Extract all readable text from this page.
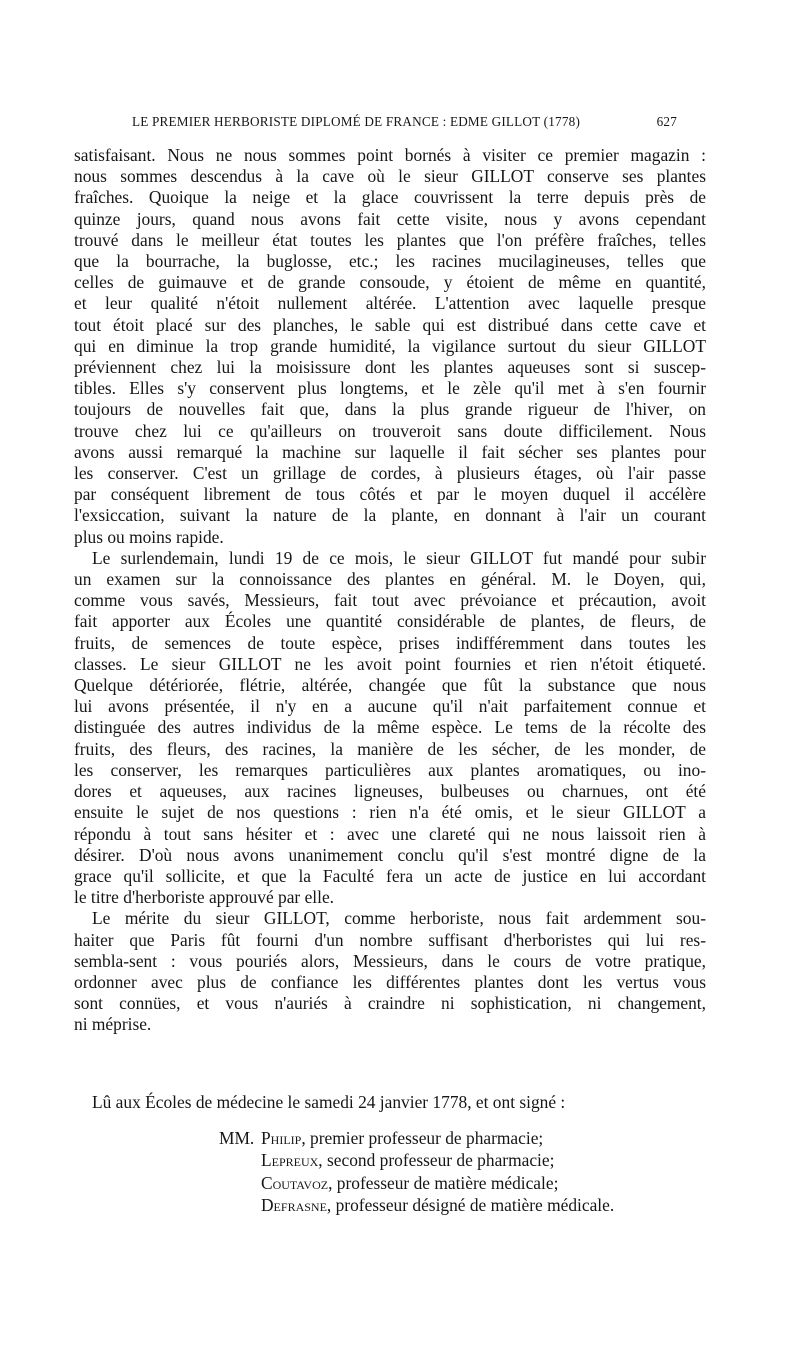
LE PREMIER HERBORISTE DIPLOMÉ DE FRANCE : EDME GILLOT (1778)	627

satisfaisant. Nous ne nous sommes point bornés à visiter ce premier magazin :

nous sommes descendus à la cave où le sieur GILLOT conserve ses plantes

fraîches. Quoique la neige et la glace couvrissent la terre depuis près de

quinze jours, quand nous avons fait cette visite, nous y avons cependant

trouvé dans le meilleur état toutes les plantes que l'on préfère fraîches, telles

que la bourrache, la buglosse, etc.; les racines mucilagineuses, telles que

celles de guimauve et de grande consoude, y étoient de même en quantité,

et leur qualité n'étoit nullement altérée. L'attention avec laquelle presque

tout étoit placé sur des planches, le sable qui est distribué dans cette cave et

qui en diminue la trop grande humidité, la vigilance surtout du sieur GILLOT

préviennent chez lui la moisissure dont les plantes aqueuses sont si suscep-

tibles. Elles s'y conservent plus longtems, et le zèle qu'il met à s'en fournir

toujours de nouvelles fait que, dans la plus grande rigueur de l'hiver, on

trouve chez lui ce qu'ailleurs on trouveroit sans doute difficilement. Nous

avons aussi remarqué la machine sur laquelle il fait sécher ses plantes pour

les conserver. C'est un grillage de cordes, à plusieurs étages, où l'air passe

par conséquent librement de tous côtés et par le moyen duquel il accélère

l'exsiccation, suivant la nature de la plante, en donnant à l'air un courant

plus ou moins rapide.

Le surlendemain, lundi 19 de ce mois, le sieur GILLOT fut mandé pour subir

un examen sur la connoissance des plantes en général. M. le Doyen, qui,

comme vous savés, Messieurs, fait tout avec prévoiance et précaution, avoit

fait apporter aux Écoles une quantité considérable de plantes, de fleurs, de

fruits, de semences de toute espèce, prises indifféremment dans toutes les

classes. Le sieur GILLOT ne les avoit point fournies et rien n'étoit étiqueté.

Quelque détériorée, flétrie, altérée, changée que fût la substance que nous

lui avons présentée, il n'y en a aucune qu'il n'ait parfaitement connue et

distinguée des autres individus de la même espèce. Le tems de la récolte des

fruits, des fleurs, des racines, la manière de les sécher, de les monder, de

les conserver, les remarques particulières aux plantes aromatiques, ou ino-

dores et aqueuses, aux racines ligneuses, bulbeuses ou charnues, ont été

ensuite le sujet de nos questions : rien n'a été omis, et le sieur GILLOT a

répondu à tout sans hésiter et : avec une clareté qui ne nous laissoit rien à

désirer. D'où nous avons unanimement conclu qu'il s'est montré digne de la

grace qu'il sollicite, et que la Faculté fera un acte de justice en lui accordant

le titre d'herboriste approuvé par elle.

Le mérite du sieur GILLOT, comme herboriste, nous fait ardemment sou-

haiter que Paris fût fourni d'un nombre suffisant d'herboristes qui lui res-

sembla-sent : vous pouriés alors, Messieurs, dans le cours de votre pratique,

ordonner avec plus de confiance les différentes plantes dont les vertus vous

sont connües, et vous n'auriés à craindre ni sophistication, ni changement,

ni méprise.

Lû aux Écoles de médecine le samedi 24 janvier 1778, et ont signé :
MM. Philip, premier professeur de pharmacie;
Lepreux , second professeur de pharmacie;
Coutavoz , professeur de matière médicale;
Defrasne , professeur désigné de matière médicale.
